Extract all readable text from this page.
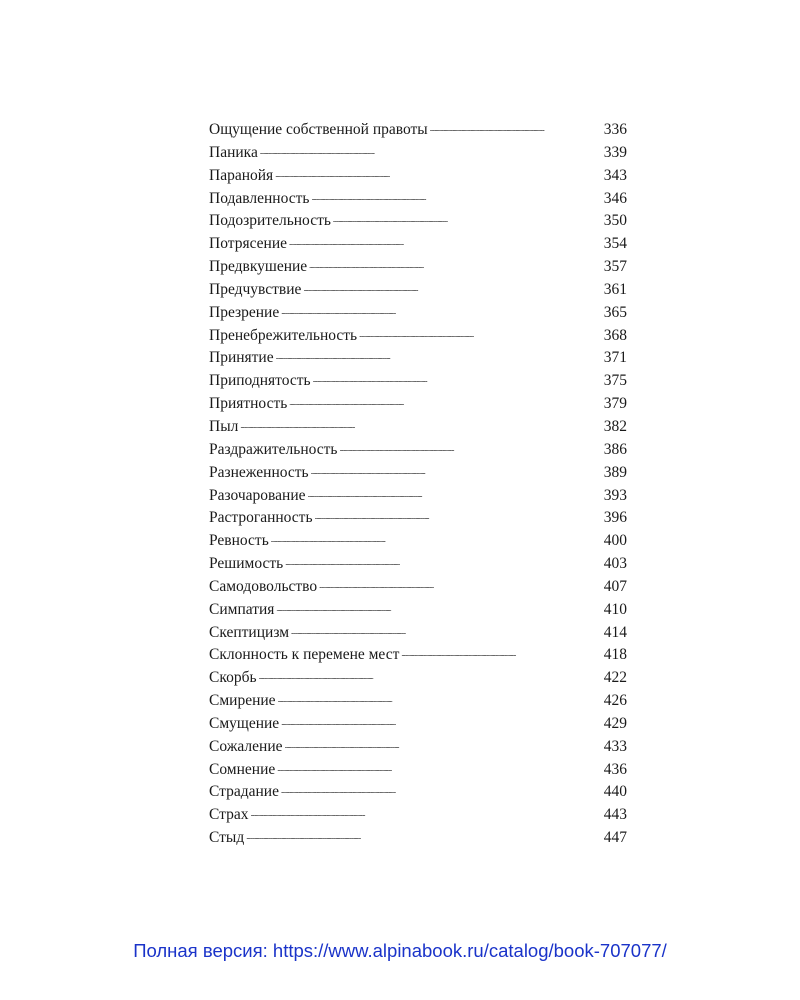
Ощущение собственной правоты . . .	336
Паника . . .	339
Паранойя . . .	343
Подавленность . . .	346
Подозрительность . . .	350
Потрясение . . .	354
Предвкушение . . .	357
Предчувствие . . .	361
Презрение . . .	365
Пренебрежительность . . .	368
Принятие . . .	371
Приподнятость . . .	375
Приятность . . .	379
Пыл . . .	382
Раздражительность . . .	386
Разнеженность . . .	389
Разочарование . . .	393
Растроганность . . .	396
Ревность . . .	400
Решимость . . .	403
Самодовольство . . .	407
Симпатия . . .	410
Скептицизм . . .	414
Склонность к перемене мест . . .	418
Скорбь . . .	422
Смирение . . .	426
Смущение . . .	429
Сожаление . . .	433
Сомнение . . .	436
Страдание . . .	440
Страх . . .	443
Стыд . . .	447
Полная версия: https://www.alpinabook.ru/catalog/book-707077/
